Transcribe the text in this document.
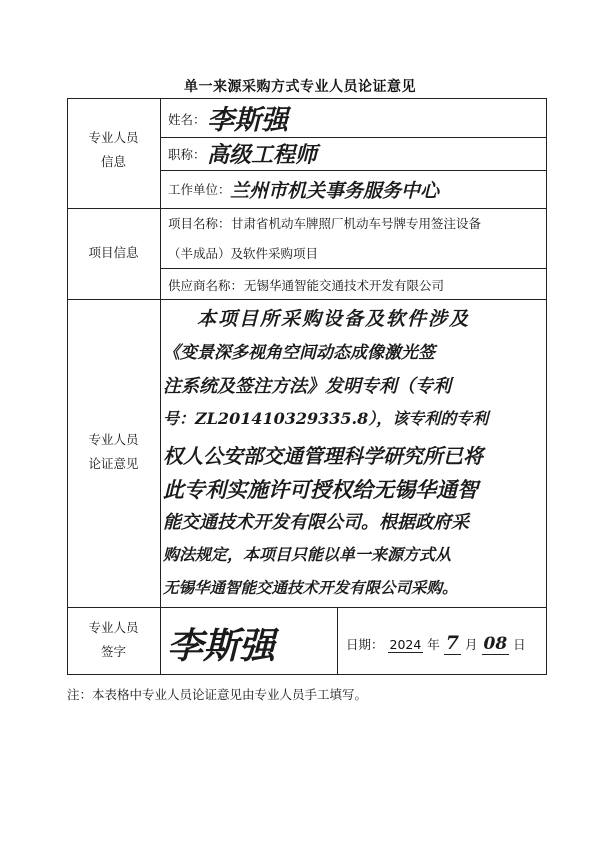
单一来源采购方式专业人员论证意见
专业人员
信息
项目信息
专业人员
论证意见
专业人员
签字
姓名： 李斯强
职称： 高级工程师
工作单位： 兰州市机关事务服务中心
项目名称： 甘肃省机动车牌照厂机动车号牌专用签注设备
（半成品）及软件采购项目
供应商名称： 无锡华通智能交通技术开发有限公司
本项目所采购设备及软件涉及
《变景深多视角空间动态成像激光签
注系统及签注方法》发明专利（专利
号：ZL201410329335.8），该专利的专利
权人公安部交通管理科学研究所已将
此专利实施许可授权给无锡华通智
能交通技术开发有限公司。根据政府采
购法规定，本项目只能以单一来源方式从
无锡华通智能交通技术开发有限公司采购。
李斯强	日期： 2024 年 7 月 08 日
注：本表格中专业人员论证意见由专业人员手工填写。
